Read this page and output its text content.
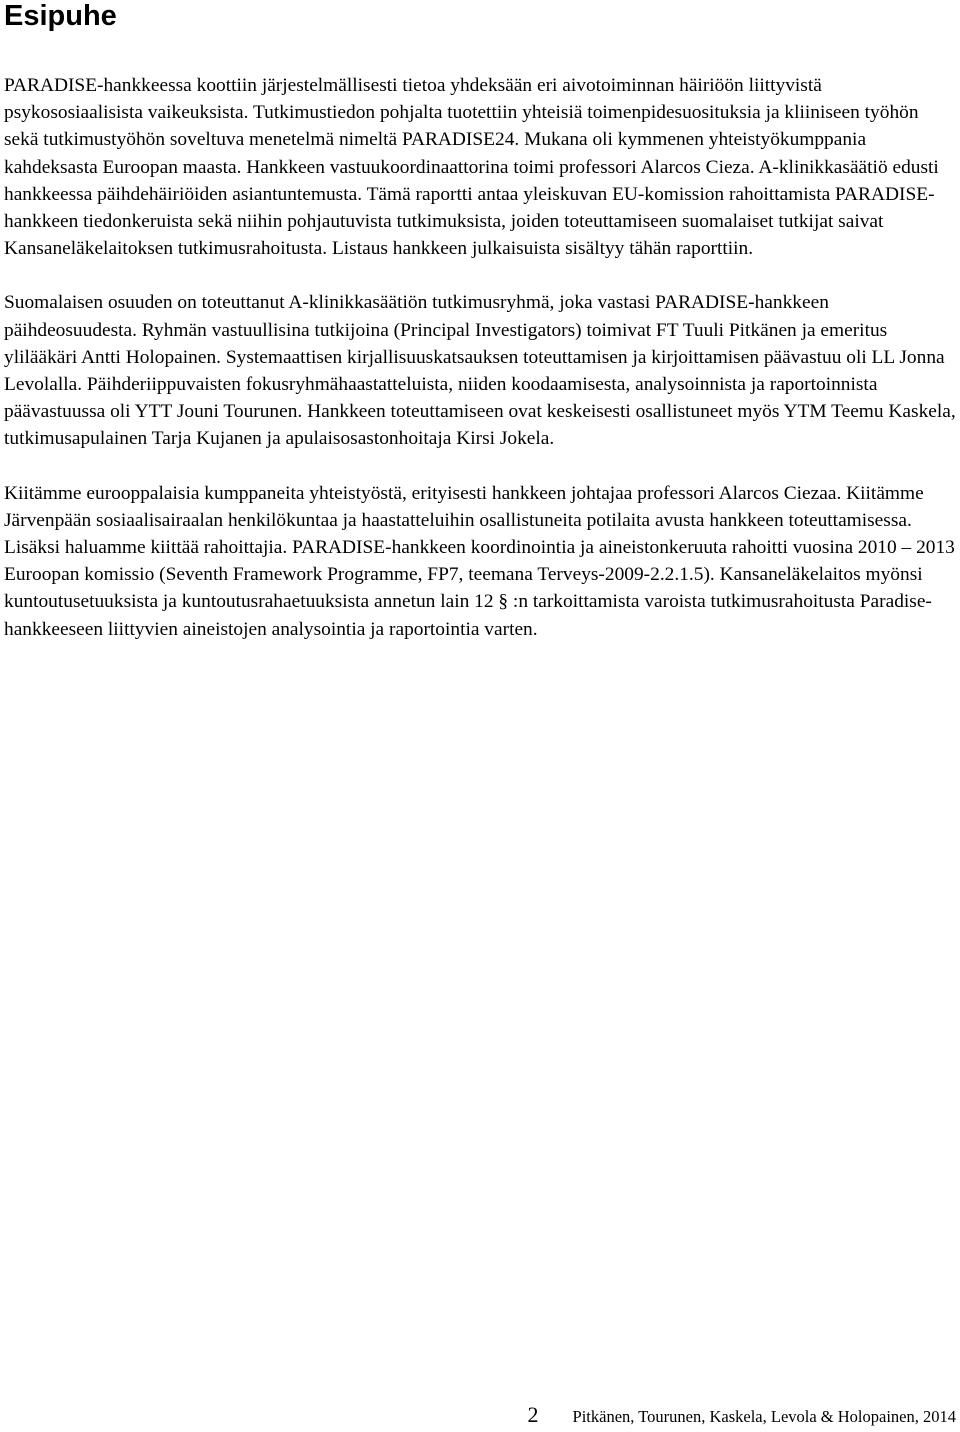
Esipuhe

PARADISE-hankkeessa koottiin järjestelmällisesti tietoa yhdeksään eri aivotoiminnan häiriöön liittyvistä psykososiaalisista vaikeuksista. Tutkimustiedon pohjalta tuotettiin yhteisiä toimenpidesuosituksia ja kliiniseen työhön sekä tutkimustyöhön soveltuva menetelmä nimeltä PARADISE24. Mukana oli kymmenen yhteistyökumppania kahdeksasta Euroopan maasta. Hankkeen vastuukoordinaattorina toimi professori Alarcos Cieza. A-klinikkasäätiö edusti hankkeessa päihdehäiriöiden asiantuntemusta. Tämä raportti antaa yleiskuvan EU-komission rahoittamista PARADISE-hankkeen tiedonkeruista sekä niihin pohjautuvista tutkimuksista, joiden toteuttamiseen suomalaiset tutkijat saivat Kansaneläkelaitoksen tutkimusrahoitusta. Listaus hankkeen julkaisuista sisältyy tähän raporttiin.

Suomalaisen osuuden on toteuttanut A-klinikkasäätiön tutkimusryhmä, joka vastasi PARADISE-hankkeen päihdeosuudesta. Ryhmän vastuullisina tutkijoina (Principal Investigators) toimivat FT Tuuli Pitkänen ja emeritus ylilääkäri Antti Holopainen. Systemaattisen kirjallisuuskatsauksen toteuttamisen ja kirjoittamisen päävastuu oli LL Jonna Levolalla. Päihderiippuvaisten fokusryhmähaastatteluista, niiden koodaamisesta, analysoinnista ja raportoinnista päävastuussa oli YTT Jouni Tourunen. Hankkeen toteuttamiseen ovat keskeisesti osallistuneet myös YTM Teemu Kaskela, tutkimusapulainen Tarja Kujanen ja apulaisosastonhoitaja Kirsi Jokela.

Kiitämme eurooppalaisia kumppaneita yhteistyöstä, erityisesti hankkeen johtajaa professori Alarcos Ciezaa. Kiitämme Järvenpään sosiaalisairaalan henkilökuntaa ja haastatteluihin osallistuneita potilaita avusta hankkeen toteuttamisessa. Lisäksi haluamme kiittää rahoittajia. PARADISE-hankkeen koordinointia ja aineistonkeruuta rahoitti vuosina 2010 – 2013 Euroopan komissio (Seventh Framework Programme, FP7, teemana Terveys-2009-2.2.1.5). Kansaneläkelaitos myönsi kuntoutusetuuksista ja kuntoutusrahaetuuksista annetun lain 12 § :n tarkoittamista varoista tutkimusrahoitusta Paradise-hankkeeseen liittyvien aineistojen analysointia ja raportointia varten.

2 Pitkänen, Tourunen, Kaskela, Levola & Holopainen, 2014
